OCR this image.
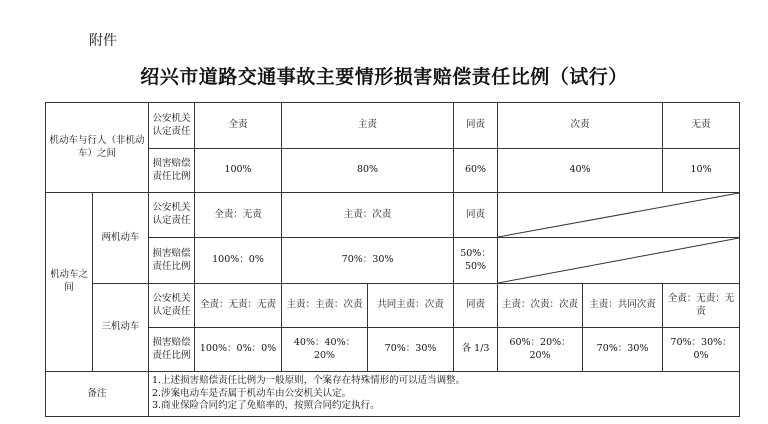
附件
绍兴市道路交通事故主要情形损害赔偿责任比例（试行）
机动车与行人（非机动车）之间		公安机关认定责任	全责	主责		同责	次责		无责
		损害赔偿责任比例	100%	80%		60%	40%		10%
机动车之间	两机动车	公安机关认定责任	全责：无责	主责：次责		同责	

		损害赔偿责任比例	100%：0%	70%：30%		50%：50%	

	三机动车	公安机关认定责任	全责：无责：无责	主责：主责：次责	共同主责：次责	同责	主责：次责：次责	主责：共同次责	全责：无责：无责
		损害赔偿责任比例	100%：0%：0%	40%：40%：20%	70%：30%	各 1/3	60%：20%：20%	70%：30%	70%：30%：0%
备注		1.上述损害赔偿责任比例为一般原则，个案存在特殊情形的可以适当调整。
2.涉案电动车是否属于机动车由公安机关认定。
3.商业保险合同约定了免赔率的，按照合同约定执行。							
